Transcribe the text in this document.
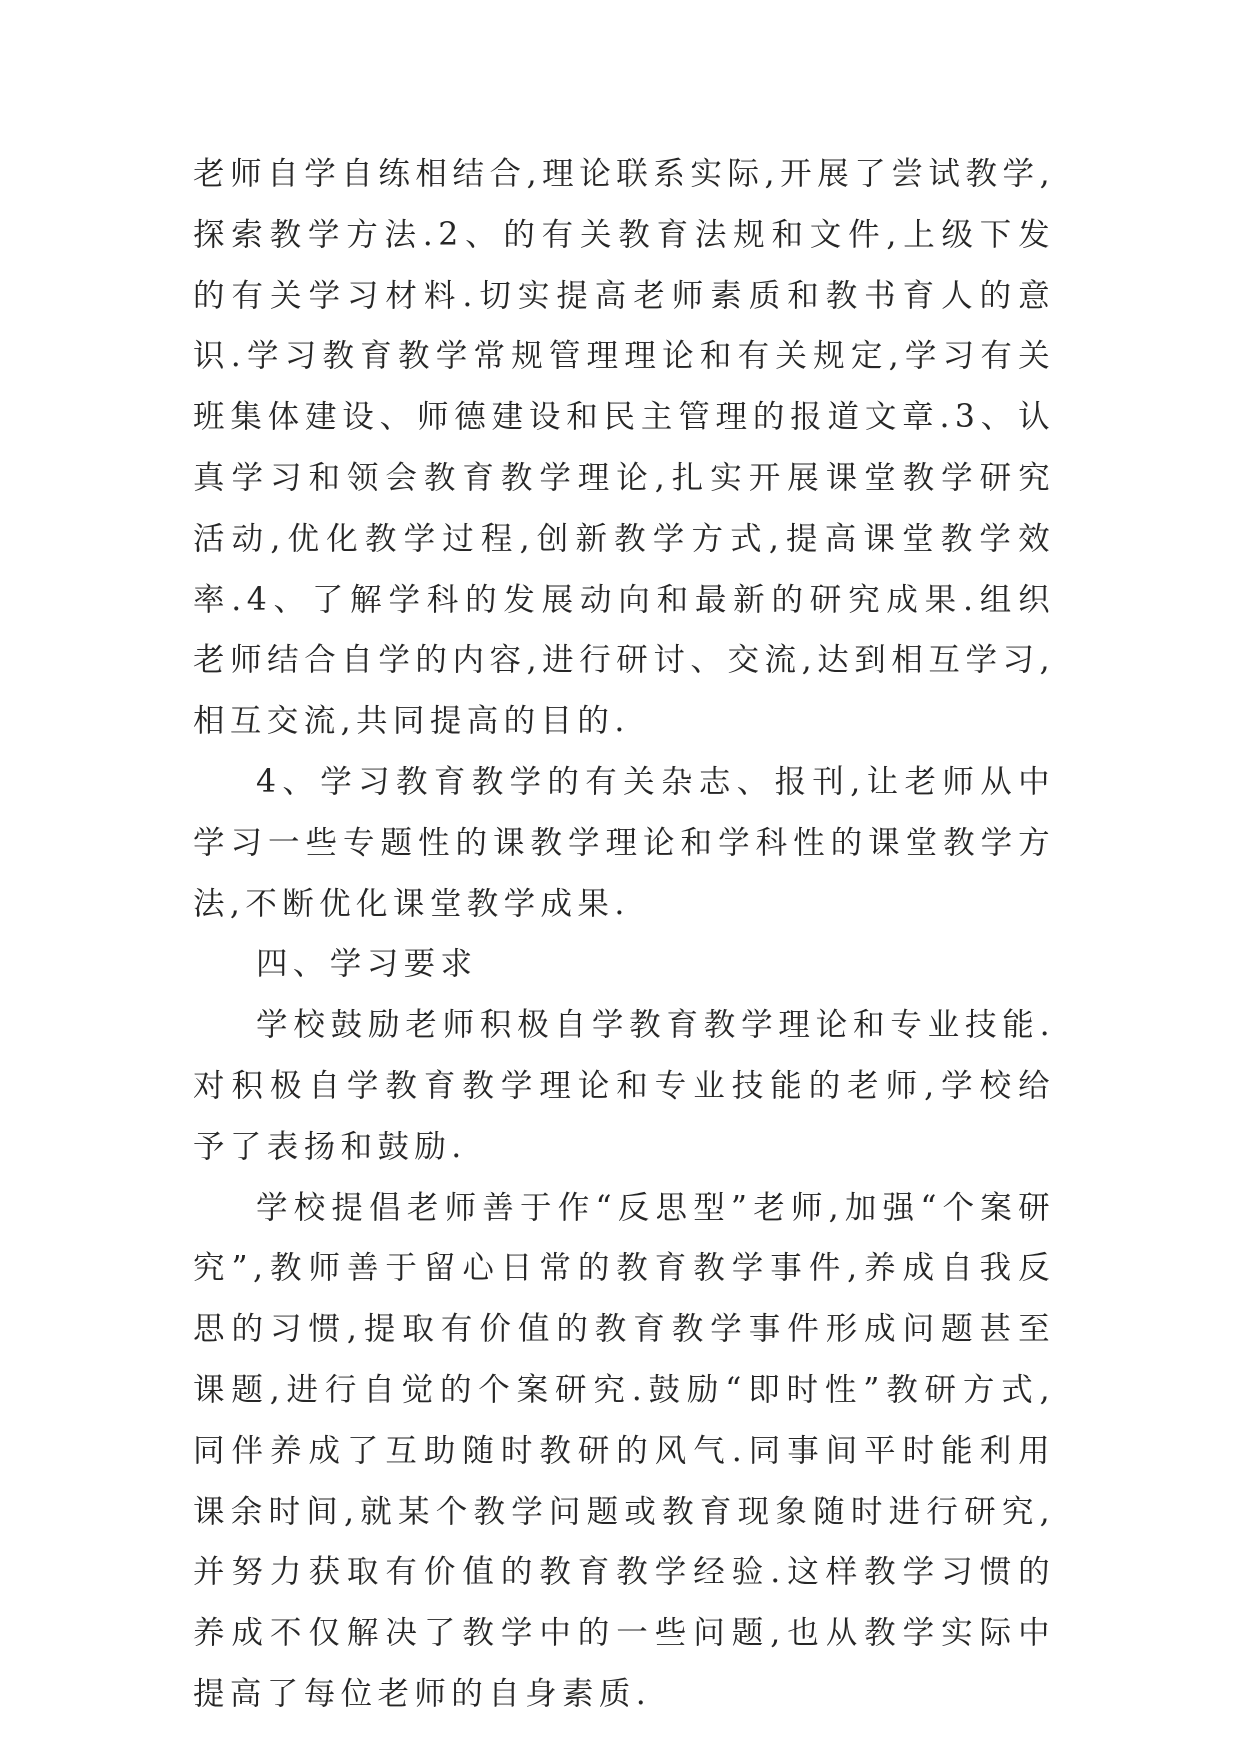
老师自学自练相结合,理论联系实际,开展了尝试教学,探索教学方法.2、的有关教育法规和文件,上级下发的有关学习材料.切实提高老师素质和教书育人的意识.学习教育教学常规管理理论和有关规定,学习有关班集体建设、师德建设和民主管理的报道文章.3、认真学习和领会教育教学理论,扎实开展课堂教学研究活动,优化教学过程,创新教学方式,提高课堂教学效率.4、了解学科的发展动向和最新的研究成果.组织老师结合自学的内容,进行研讨、交流,达到相互学习,相互交流,共同提高的目的.

4、学习教育教学的有关杂志、报刊,让老师从中学习一些专题性的课教学理论和学科性的课堂教学方法,不断优化课堂教学成果.

四、学习要求

学校鼓励老师积极自学教育教学理论和专业技能.对积极自学教育教学理论和专业技能的老师,学校给予了表扬和鼓励.

学校提倡老师善于作“反思型”老师,加强“个案研究”,教师善于留心日常的教育教学事件,养成自我反思的习惯,提取有价值的教育教学事件形成问题甚至课题,进行自觉的个案研究.鼓励“即时性”教研方式,同伴养成了互助随时教研的风气.同事间平时能利用课余时间,就某个教学问题或教育现象随时进行研究,并努力获取有价值的教育教学经验.这样教学习惯的养成不仅解决了教学中的一些问题,也从教学实际中提高了每位老师的自身素质.
